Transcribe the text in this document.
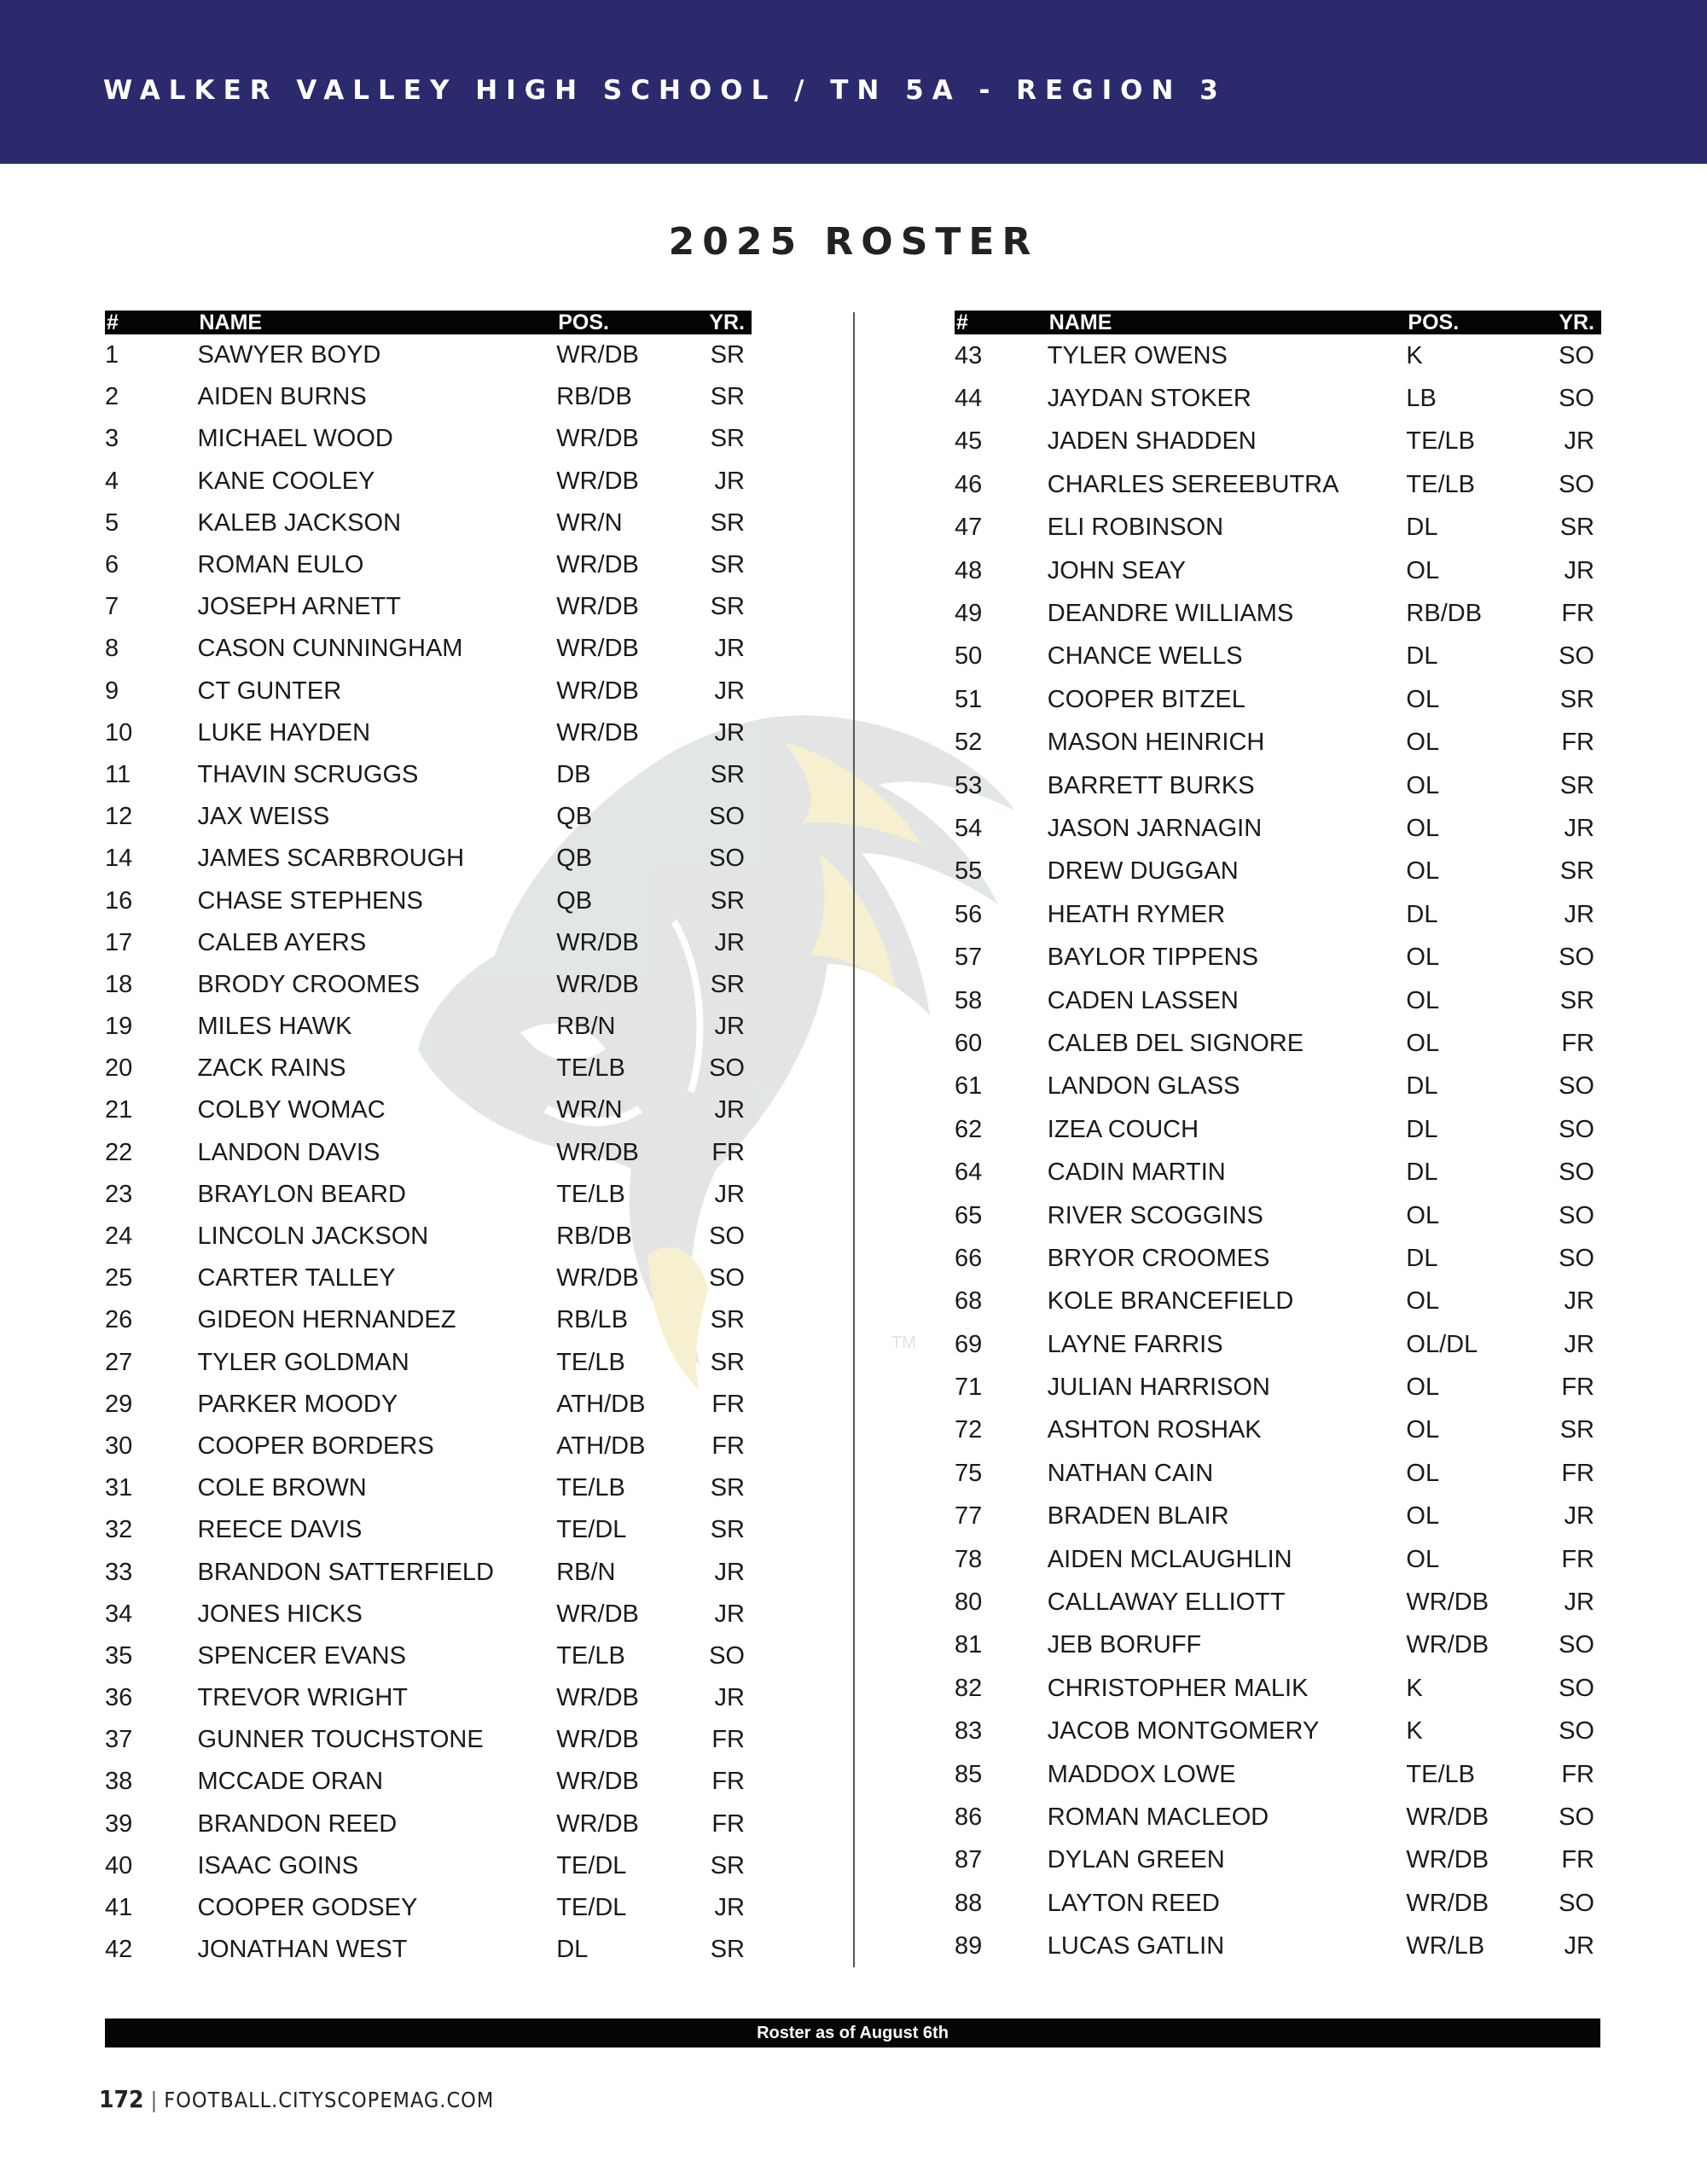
WALKER VALLEY HIGH SCHOOL / TN 5A - REGION 3
2025 ROSTER
TM
#	NAME	POS.	YR.
1	SAWYER BOYD	WR/DB	SR
2	AIDEN BURNS	RB/DB	SR
3	MICHAEL WOOD	WR/DB	SR
4	KANE COOLEY	WR/DB	JR
5	KALEB JACKSON	WR/N	SR
6	ROMAN EULO	WR/DB	SR
7	JOSEPH ARNETT	WR/DB	SR
8	CASON CUNNINGHAM	WR/DB	JR
9	CT GUNTER	WR/DB	JR
10	LUKE HAYDEN	WR/DB	JR
11	THAVIN SCRUGGS	DB	SR
12	JAX WEISS	QB	SO
14	JAMES SCARBROUGH	QB	SO
16	CHASE STEPHENS	QB	SR
17	CALEB AYERS	WR/DB	JR
18	BRODY CROOMES	WR/DB	SR
19	MILES HAWK	RB/N	JR
20	ZACK RAINS	TE/LB	SO
21	COLBY WOMAC	WR/N	JR
22	LANDON DAVIS	WR/DB	FR
23	BRAYLON BEARD	TE/LB	JR
24	LINCOLN JACKSON	RB/DB	SO
25	CARTER TALLEY	WR/DB	SO
26	GIDEON HERNANDEZ	RB/LB	SR
27	TYLER GOLDMAN	TE/LB	SR
29	PARKER MOODY	ATH/DB	FR
30	COOPER BORDERS	ATH/DB	FR
31	COLE BROWN	TE/LB	SR
32	REECE DAVIS	TE/DL	SR
33	BRANDON SATTERFIELD	RB/N	JR
34	JONES HICKS	WR/DB	JR
35	SPENCER EVANS	TE/LB	SO
36	TREVOR WRIGHT	WR/DB	JR
37	GUNNER TOUCHSTONE	WR/DB	FR
38	MCCADE ORAN	WR/DB	FR
39	BRANDON REED	WR/DB	FR
40	ISAAC GOINS	TE/DL	SR
41	COOPER GODSEY	TE/DL	JR
42	JONATHAN WEST	DL	SR
#	NAME	POS.	YR.
43	TYLER OWENS	K	SO
44	JAYDAN STOKER	LB	SO
45	JADEN SHADDEN	TE/LB	JR
46	CHARLES SEREEBUTRA	TE/LB	SO
47	ELI ROBINSON	DL	SR
48	JOHN SEAY	OL	JR
49	DEANDRE WILLIAMS	RB/DB	FR
50	CHANCE WELLS	DL	SO
51	COOPER BITZEL	OL	SR
52	MASON HEINRICH	OL	FR
53	BARRETT BURKS	OL	SR
54	JASON JARNAGIN	OL	JR
55	DREW DUGGAN	OL	SR
56	HEATH RYMER	DL	JR
57	BAYLOR TIPPENS	OL	SO
58	CADEN LASSEN	OL	SR
60	CALEB DEL SIGNORE	OL	FR
61	LANDON GLASS	DL	SO
62	IZEA COUCH	DL	SO
64	CADIN MARTIN	DL	SO
65	RIVER SCOGGINS	OL	SO
66	BRYOR CROOMES	DL	SO
68	KOLE BRANCEFIELD	OL	JR
69	LAYNE FARRIS	OL/DL	JR
71	JULIAN HARRISON	OL	FR
72	ASHTON ROSHAK	OL	SR
75	NATHAN CAIN	OL	FR
77	BRADEN BLAIR	OL	JR
78	AIDEN MCLAUGHLIN	OL	FR
80	CALLAWAY ELLIOTT	WR/DB	JR
81	JEB BORUFF	WR/DB	SO
82	CHRISTOPHER MALIK	K	SO
83	JACOB MONTGOMERY	K	SO
85	MADDOX LOWE	TE/LB	FR
86	ROMAN MACLEOD	WR/DB	SO
87	DYLAN GREEN	WR/DB	FR
88	LAYTON REED	WR/DB	SO
89	LUCAS GATLIN	WR/LB	JR
Roster as of August 6th
172 | FOOTBALL.CITYSCOPEMAG.COM
